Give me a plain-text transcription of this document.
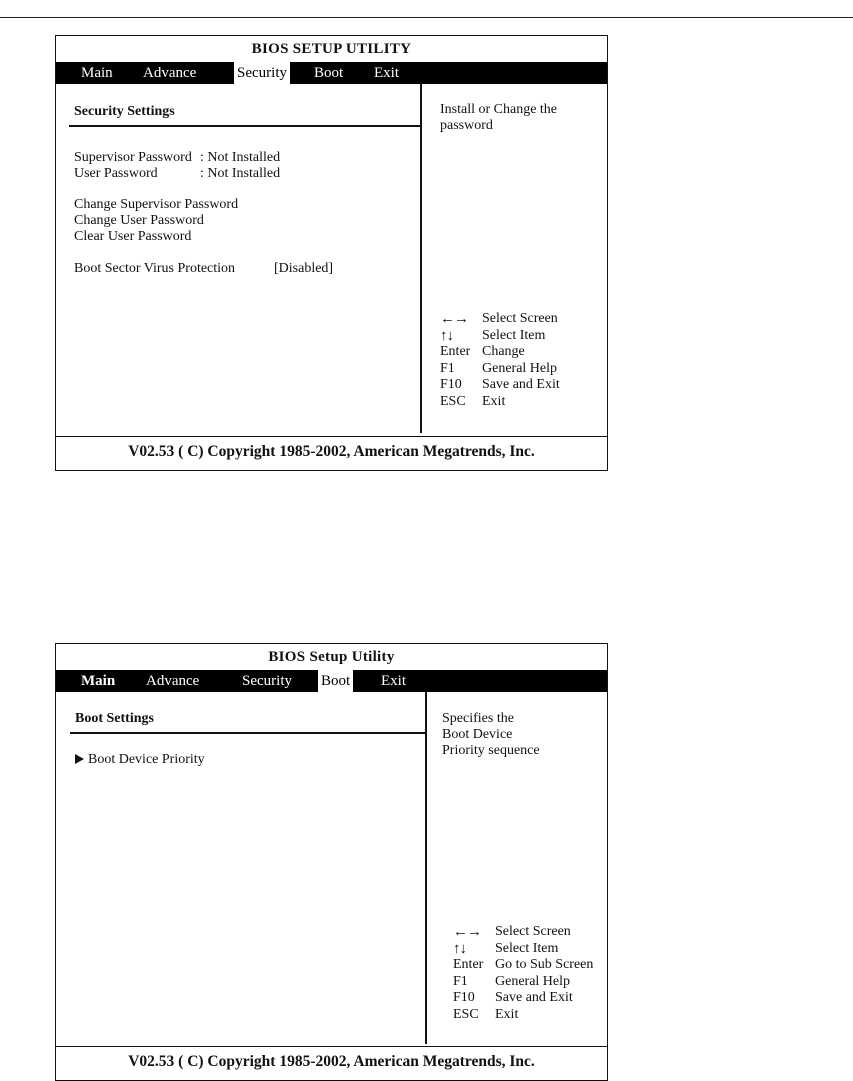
BIOS SETUP UTILITY
Main Advance	Security Boot Exit
Security Settings
Supervisor Password : Not Installed
User Password	: Not Installed
Change Supervisor Password
Change User Password
Clear User Password
Boot Sector Virus Protection	[Disabled]
Install or Change the
password
←→ Select Screen
↑↓ Select Item
Enter Change
F1 General Help
F10 Save and Exit
ESC Exit
V02.53 ( C) Copyright 1985-2002, American Megatrends, Inc.
BIOS Setup Utility
Main Advance	Security Boot Exit
Boot Settings
Boot Device Priority
Specifies the
Boot Device
Priority sequence
←→ Select Screen
↑↓ Select Item
Enter Go to Sub Screen
F1 General Help
F10 Save and Exit
ESC Exit
V02.53 ( C) Copyright 1985-2002, American Megatrends, Inc.
